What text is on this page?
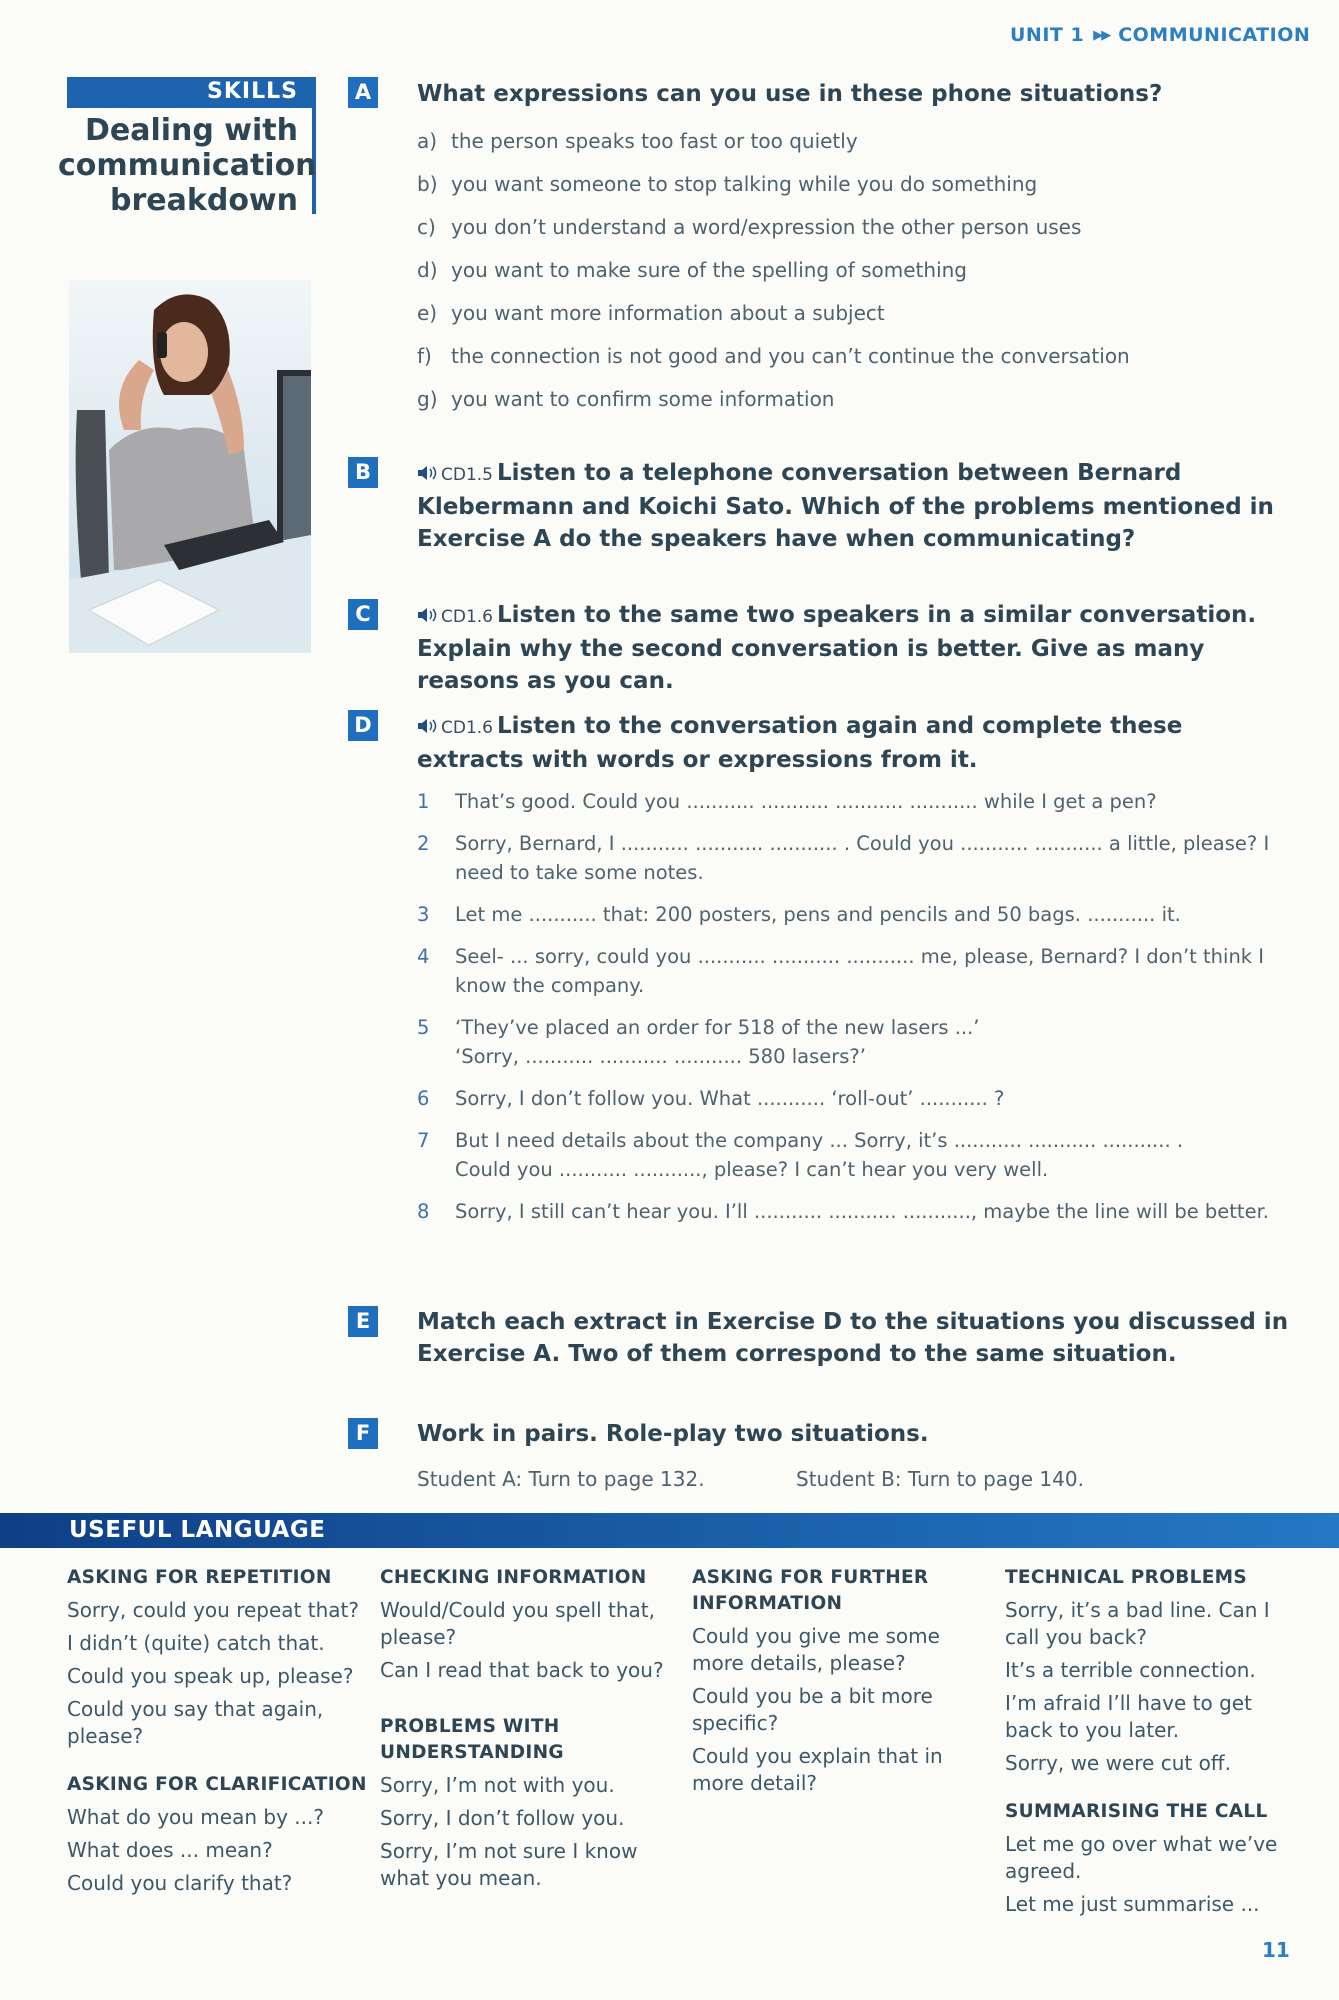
UNIT 1 ▶▶ COMMUNICATION
SKILLS
Dealing with
communication
breakdown
A What expressions can you use in these phone situations?
a) the person speaks too fast or too quietly
b) you want someone to stop talking while you do something
c) you don’t understand a word/expression the other person uses
d) you want to make sure of the spelling of something
e) you want more information about a subject
f) the connection is not good and you can’t continue the conversation
g) you want to confirm some information
B	CD1.5 Listen to a telephone conversation between Bernard Klebermann and Koichi Sato. Which of the problems mentioned in Exercise A do the speakers have when communicating?
C	CD1.6 Listen to the same two speakers in a similar conversation. Explain why the second conversation is better. Give as many reasons as you can.
D	CD1.6 Listen to the conversation again and complete these extracts with words or expressions from it.
1	That’s good. Could you ........... ........... ........... ........... while I get a pen?
2	Sorry, Bernard, I ........... ........... ........... . Could you ........... ........... a little, please? I need to take some notes.
3	Let me ........... that: 200 posters, pens and pencils and 50 bags. ........... it.
4	Seel- ... sorry, could you ........... ........... ........... me, please, Bernard? I don’t think I know the company.
5	‘They’ve placed an order for 518 of the new lasers ...’
‘Sorry, ........... ........... ........... 580 lasers?’
6	Sorry, I don’t follow you. What ........... ‘roll-out’ ........... ?
7	But I need details about the company ... Sorry, it’s ........... ........... ........... .
Could you ........... ..........., please? I can’t hear you very well.
8	Sorry, I still can’t hear you. I’ll ........... ........... ..........., maybe the line will be better.
E	Match each extract in Exercise D to the situations you discussed in Exercise A. Two of them correspond to the same situation.
F	Work in pairs. Role-play two situations.
Student A: Turn to page 132.	Student B: Turn to page 140.
USEFUL LANGUAGE
ASKING FOR REPETITION

Sorry, could you repeat that?

I didn’t (quite) catch that.

Could you speak up, please?

Could you say that again, please?

ASKING FOR CLARIFICATION

What do you mean by ...?

What does ... mean?

Could you clarify that?

CHECKING INFORMATION

Would/Could you spell that, please?

Can I read that back to you?

PROBLEMS WITH UNDERSTANDING

Sorry, I’m not with you.

Sorry, I don’t follow you.

Sorry, I’m not sure I know what you mean.

ASKING FOR FURTHER INFORMATION

Could you give me some more details, please?

Could you be a bit more specific?

Could you explain that in more detail?

TECHNICAL PROBLEMS

Sorry, it’s a bad line. Can I call you back?

It’s a terrible connection.

I’m afraid I’ll have to get back to you later.

Sorry, we were cut off.

SUMMARISING THE CALL

Let me go over what we’ve agreed.

Let me just summarise ...

11
